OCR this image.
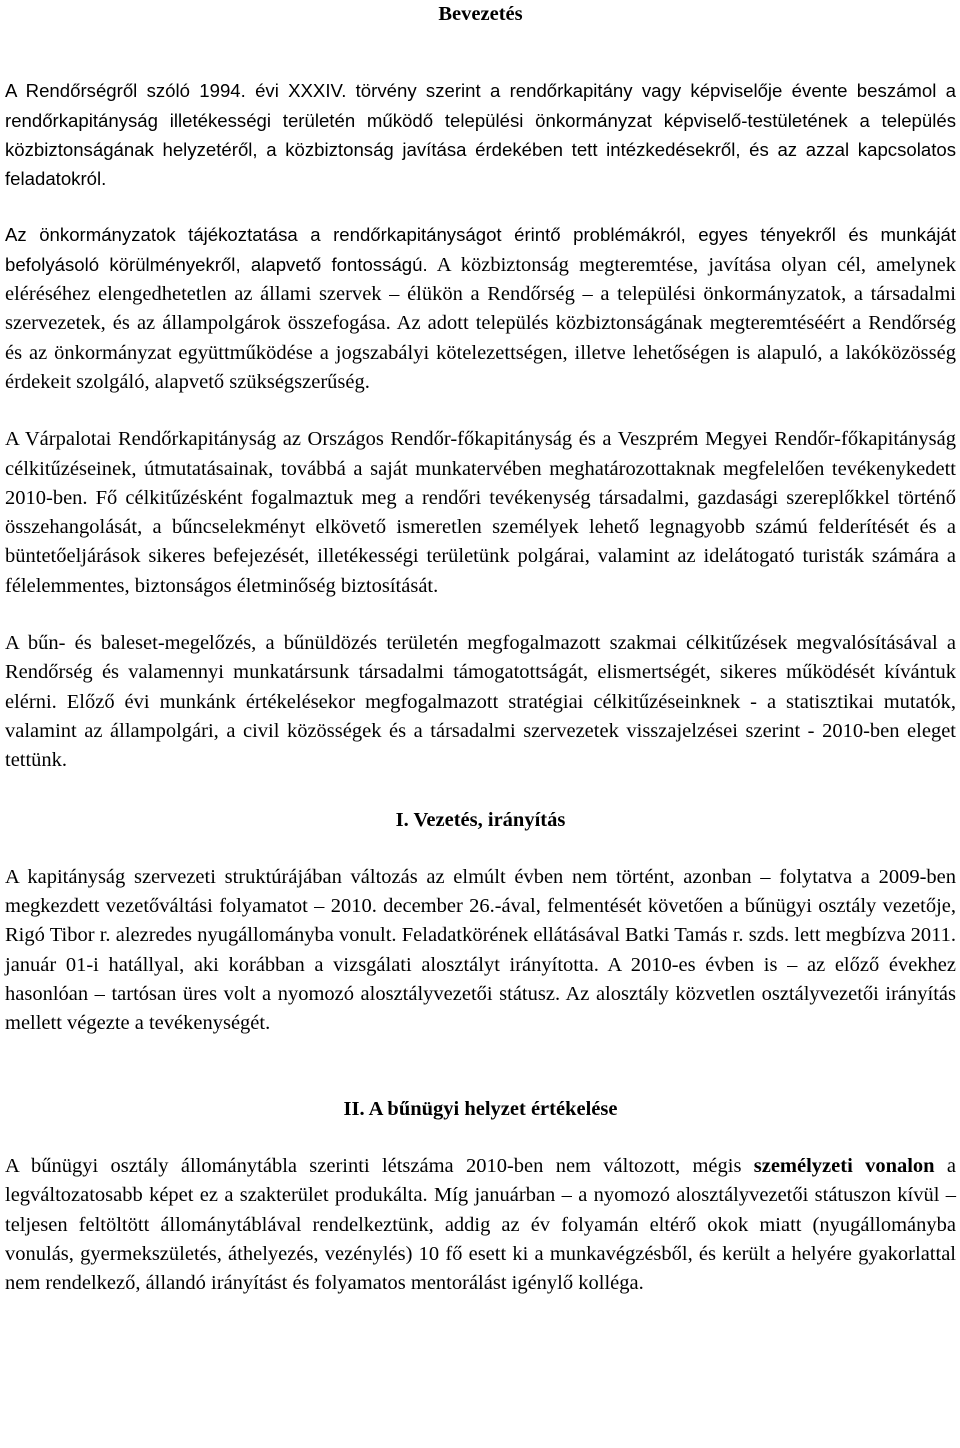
Bevezetés

A Rendőrségről szóló 1994. évi XXXIV. törvény szerint a rendőrkapitány vagy képviselője évente beszámol a rendőrkapitányság illetékességi területén működő települési önkormányzat képviselő-testületének a település közbiztonságának helyzetéről, a közbiztonság javítása érdekében tett intézkedésekről, és az azzal kapcsolatos feladatokról.

Az önkormányzatok tájékoztatása a rendőrkapitányságot érintő problémákról, egyes tényekről és munkáját befolyásoló körülményekről, alapvető fontosságú. A közbiztonság megteremtése, javítása olyan cél, amelynek eléréséhez elengedhetetlen az állami szervek – élükön a Rendőrség – a települési önkormányzatok, a társadalmi szervezetek, és az állampolgárok összefogása. Az adott település közbiztonságának megteremtéséért a Rendőrség és az önkormányzat együttműködése a jogszabályi kötelezettségen, illetve lehetőségen is alapuló, a lakóközösség érdekeit szolgáló, alapvető szükségszerűség.

A Várpalotai Rendőrkapitányság az Országos Rendőr-főkapitányság és a Veszprém Megyei Rendőr-főkapitányság célkitűzéseinek, útmutatásainak, továbbá a saját munkatervében meghatározottaknak megfelelően tevékenykedett 2010-ben. Fő célkitűzésként fogalmaztuk meg a rendőri tevékenység társadalmi, gazdasági szereplőkkel történő összehangolását, a bűncselekményt elkövető ismeretlen személyek lehető legnagyobb számú felderítését és a büntetőeljárások sikeres befejezését, illetékességi területünk polgárai, valamint az idelátogató turisták számára a félelemmentes, biztonságos életminőség biztosítását.

A bűn- és baleset-megelőzés, a bűnüldözés területén megfogalmazott szakmai célkitűzések megvalósításával a Rendőrség és valamennyi munkatársunk társadalmi támogatottságát, elismertségét, sikeres működését kívántuk elérni. Előző évi munkánk értékelésekor megfogalmazott stratégiai célkitűzéseinknek - a statisztikai mutatók, valamint az állampolgári, a civil közösségek és a társadalmi szervezetek visszajelzései szerint - 2010-ben eleget tettünk.

I. Vezetés, irányítás

A kapitányság szervezeti struktúrájában változás az elmúlt évben nem történt, azonban – folytatva a 2009-ben megkezdett vezetőváltási folyamatot – 2010. december 26.-ával, felmentését követően a bűnügyi osztály vezetője, Rigó Tibor r. alezredes nyugállományba vonult. Feladatkörének ellátásával Batki Tamás r. szds. lett megbízva 2011. január 01-i hatállyal, aki korábban a vizsgálati alosztályt irányította. A 2010-es évben is – az előző évekhez hasonlóan – tartósan üres volt a nyomozó alosztályvezetői státusz. Az alosztály közvetlen osztályvezetői irányítás mellett végezte a tevékenységét.

II. A bűnügyi helyzet értékelése

A bűnügyi osztály állománytábla szerinti létszáma 2010-ben nem változott, mégis személyzeti vonalon a legváltozatosabb képet ez a szakterület produkálta. Míg januárban – a nyomozó alosztályvezetői státuszon kívül – teljesen feltöltött állománytáblával rendelkeztünk, addig az év folyamán eltérő okok miatt (nyugállományba vonulás, gyermekszületés, áthelyezés, vezénylés) 10 fő esett ki a munkavégzésből, és került a helyére gyakorlattal nem rendelkező, állandó irányítást és folyamatos mentorálást igénylő kolléga.
